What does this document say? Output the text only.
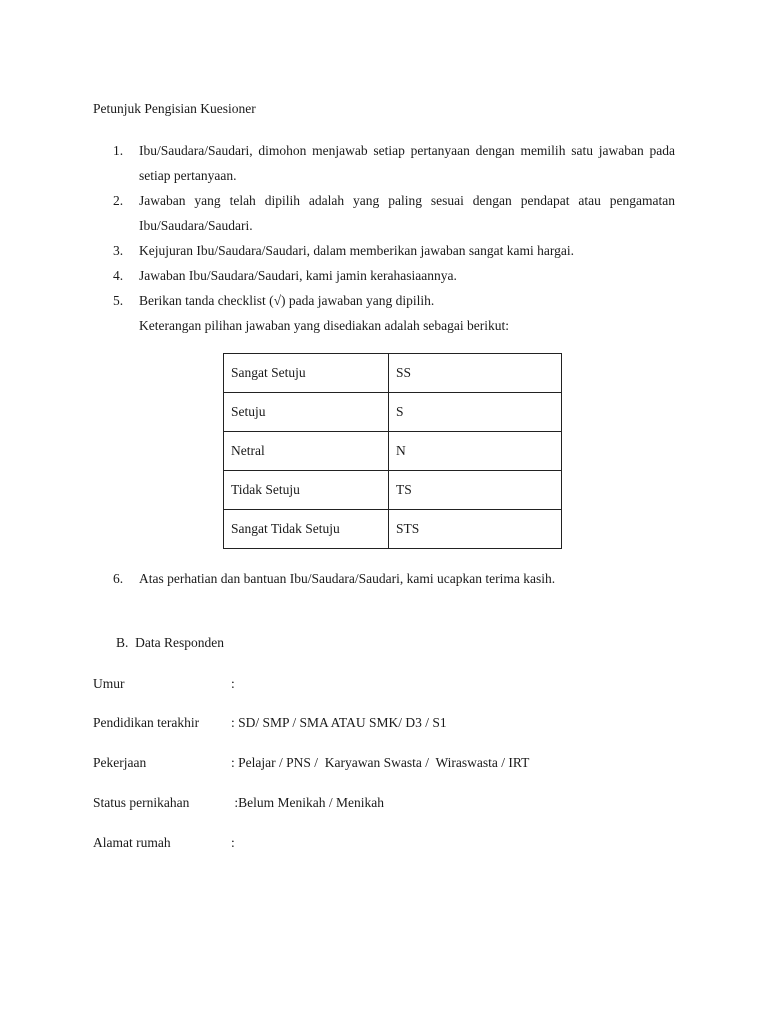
Petunjuk Pengisian Kuesioner
1. Ibu/Saudara/Saudari, dimohon menjawab setiap pertanyaan dengan memilih satu jawaban pada setiap pertanyaan.
2. Jawaban yang telah dipilih adalah yang paling sesuai dengan pendapat atau pengamatan Ibu/Saudara/Saudari.
3. Kejujuran Ibu/Saudara/Saudari, dalam memberikan jawaban sangat kami hargai.
4. Jawaban Ibu/Saudara/Saudari, kami jamin kerahasiaannya.
5. Berikan tanda checklist (√) pada jawaban yang dipilih.
Keterangan pilihan jawaban yang disediakan adalah sebagai berikut:
Sangat Setuju	SS
Setuju	S
Netral	N
Tidak Setuju	TS
Sangat Tidak Setuju	STS
6. Atas perhatian dan bantuan Ibu/Saudara/Saudari, kami ucapkan terima kasih.
B.  Data Responden
Umur	:
Pendidikan terakhir : SD/ SMP / SMA ATAU SMK/ D3 / S1
Pekerjaan	: Pelajar / PNS /  Karyawan Swasta /  Wiraswasta / IRT
Status pernikahan	:Belum Menikah / Menikah
Alamat rumah	:
